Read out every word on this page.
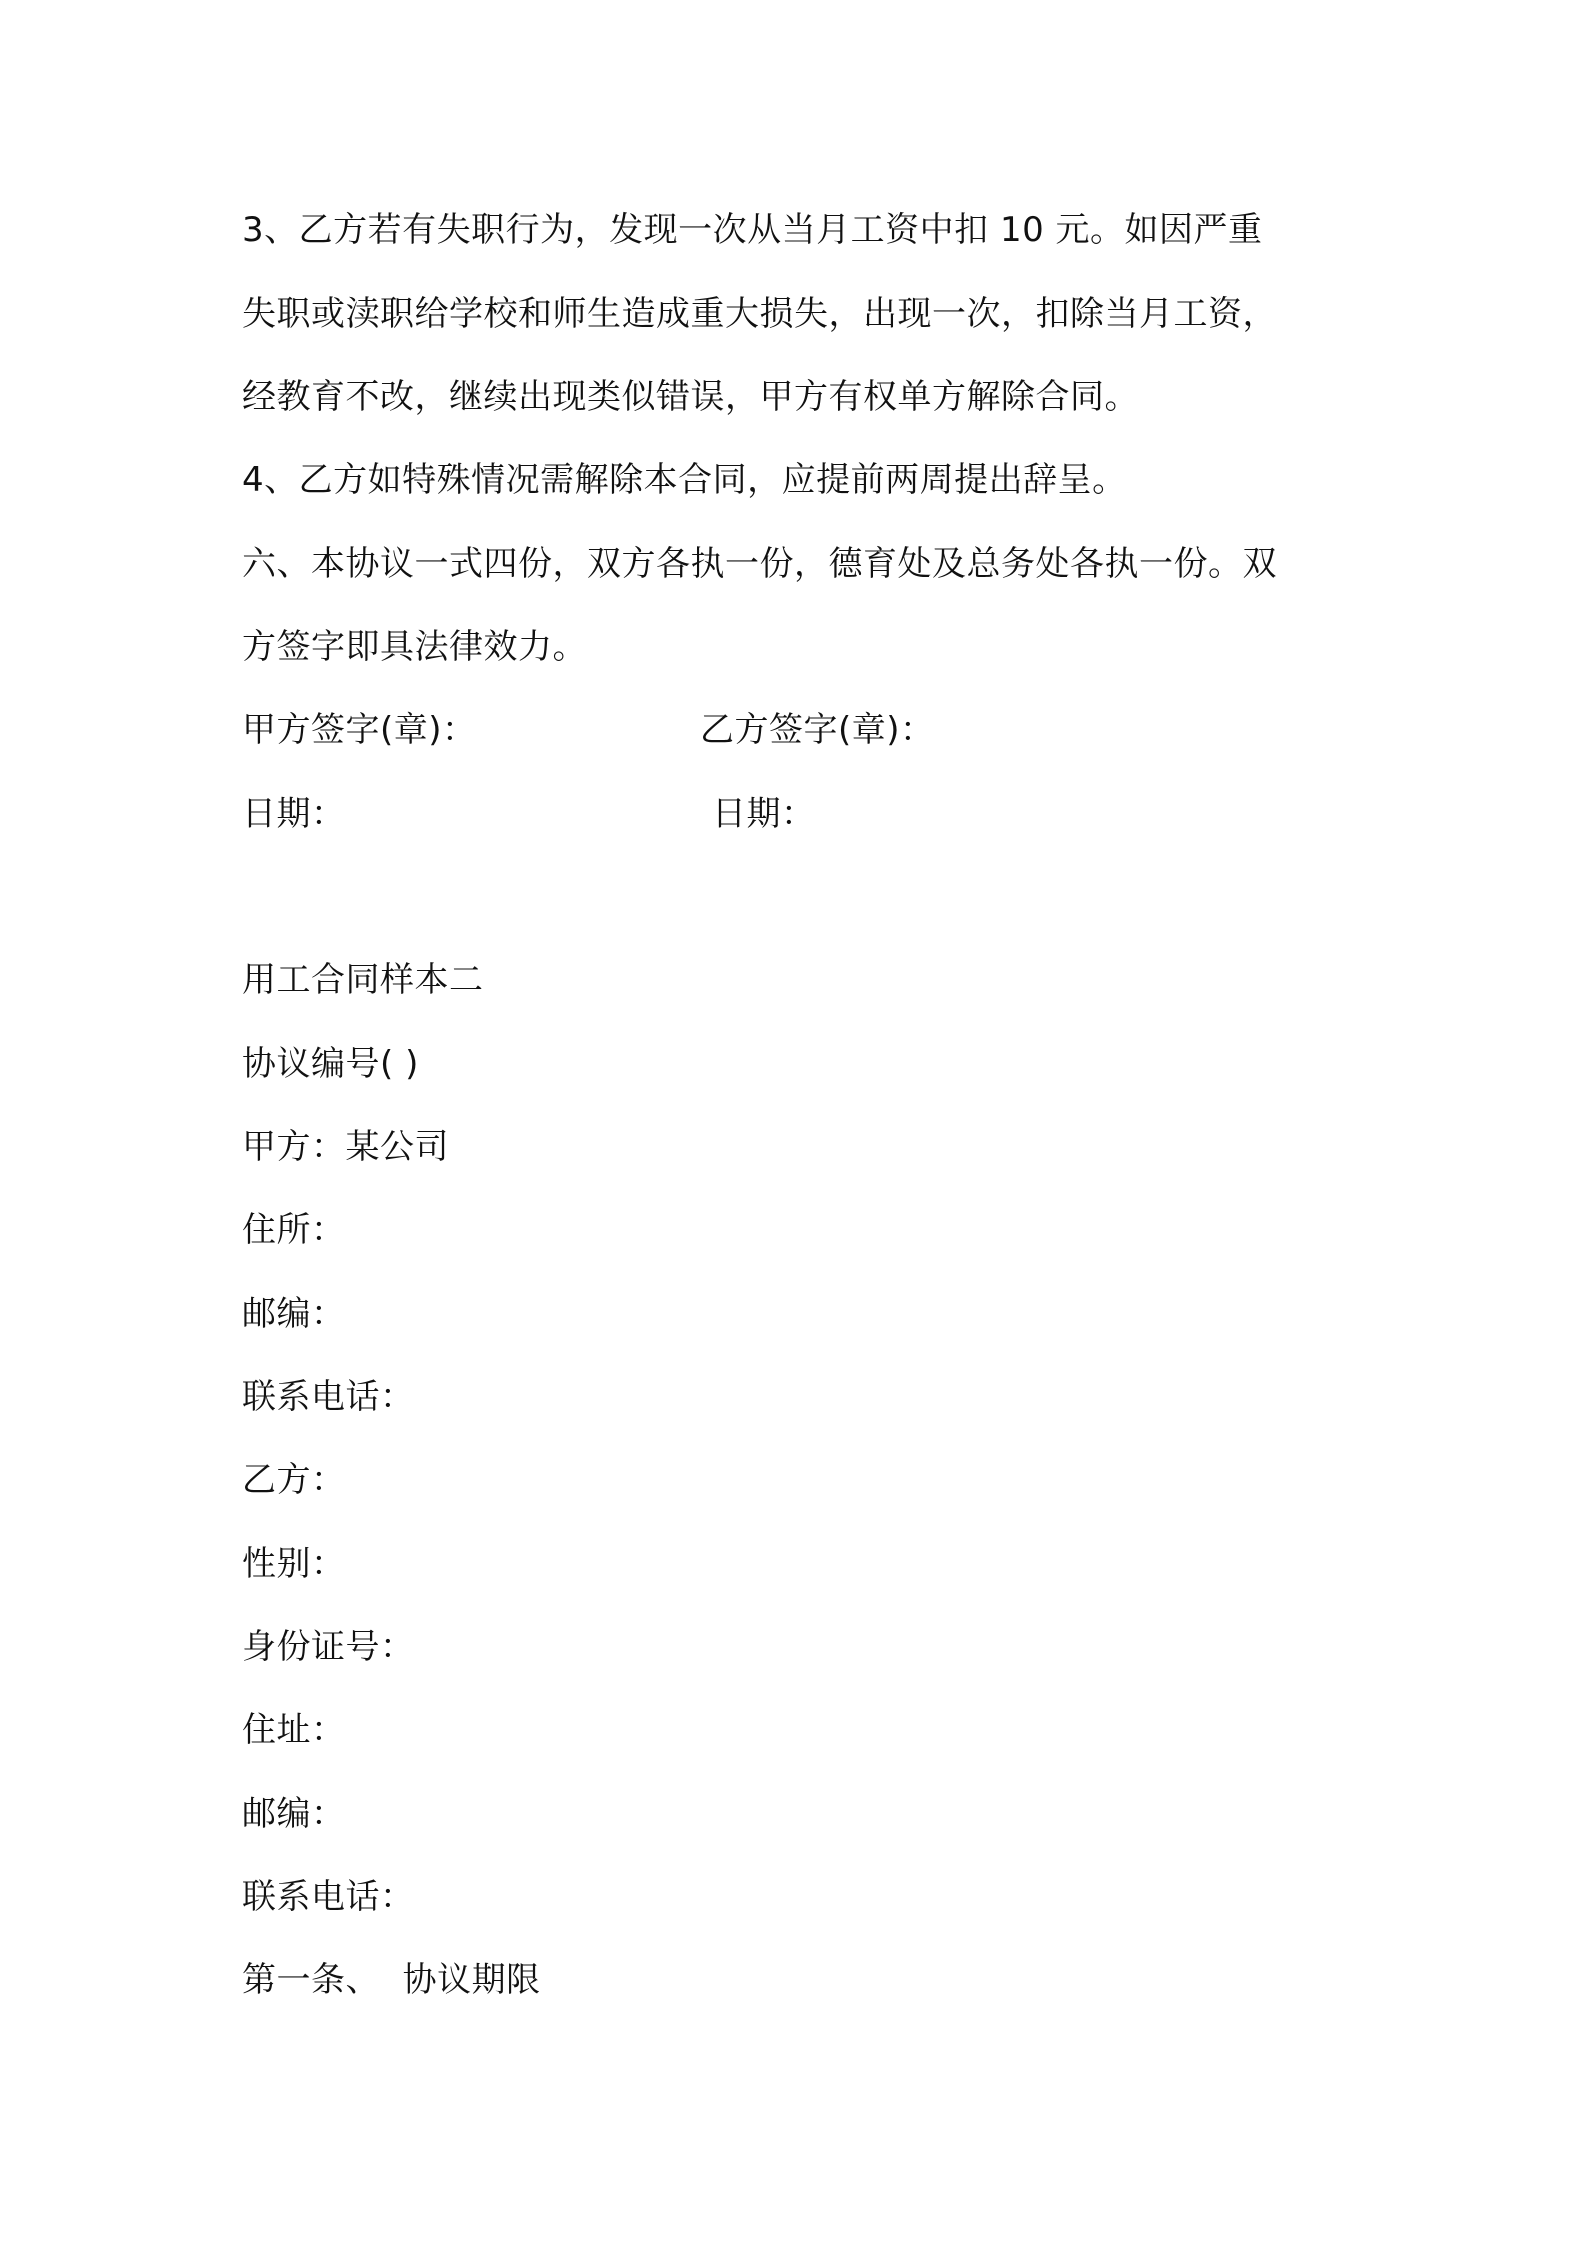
3、乙方若有失职行为，发现一次从当月工资中扣 10 元。如因严重
失职或渎职给学校和师生造成重大损失，出现一次，扣除当月工资，
经教育不改，继续出现类似错误，甲方有权单方解除合同。
4、乙方如特殊情况需解除本合同，应提前两周提出辞呈。
六、本协议一式四份，双方各执一份，德育处及总务处各执一份。双
方签字即具法律效力。
甲方签字(章)：	乙方签字(章)：
日期：	日期：
用工合同样本二
协议编号( )
甲方：某公司
住所：
邮编：
联系电话：
乙方：
性别：
身份证号：
住址：
邮编：
联系电话：
第一条、  协议期限
